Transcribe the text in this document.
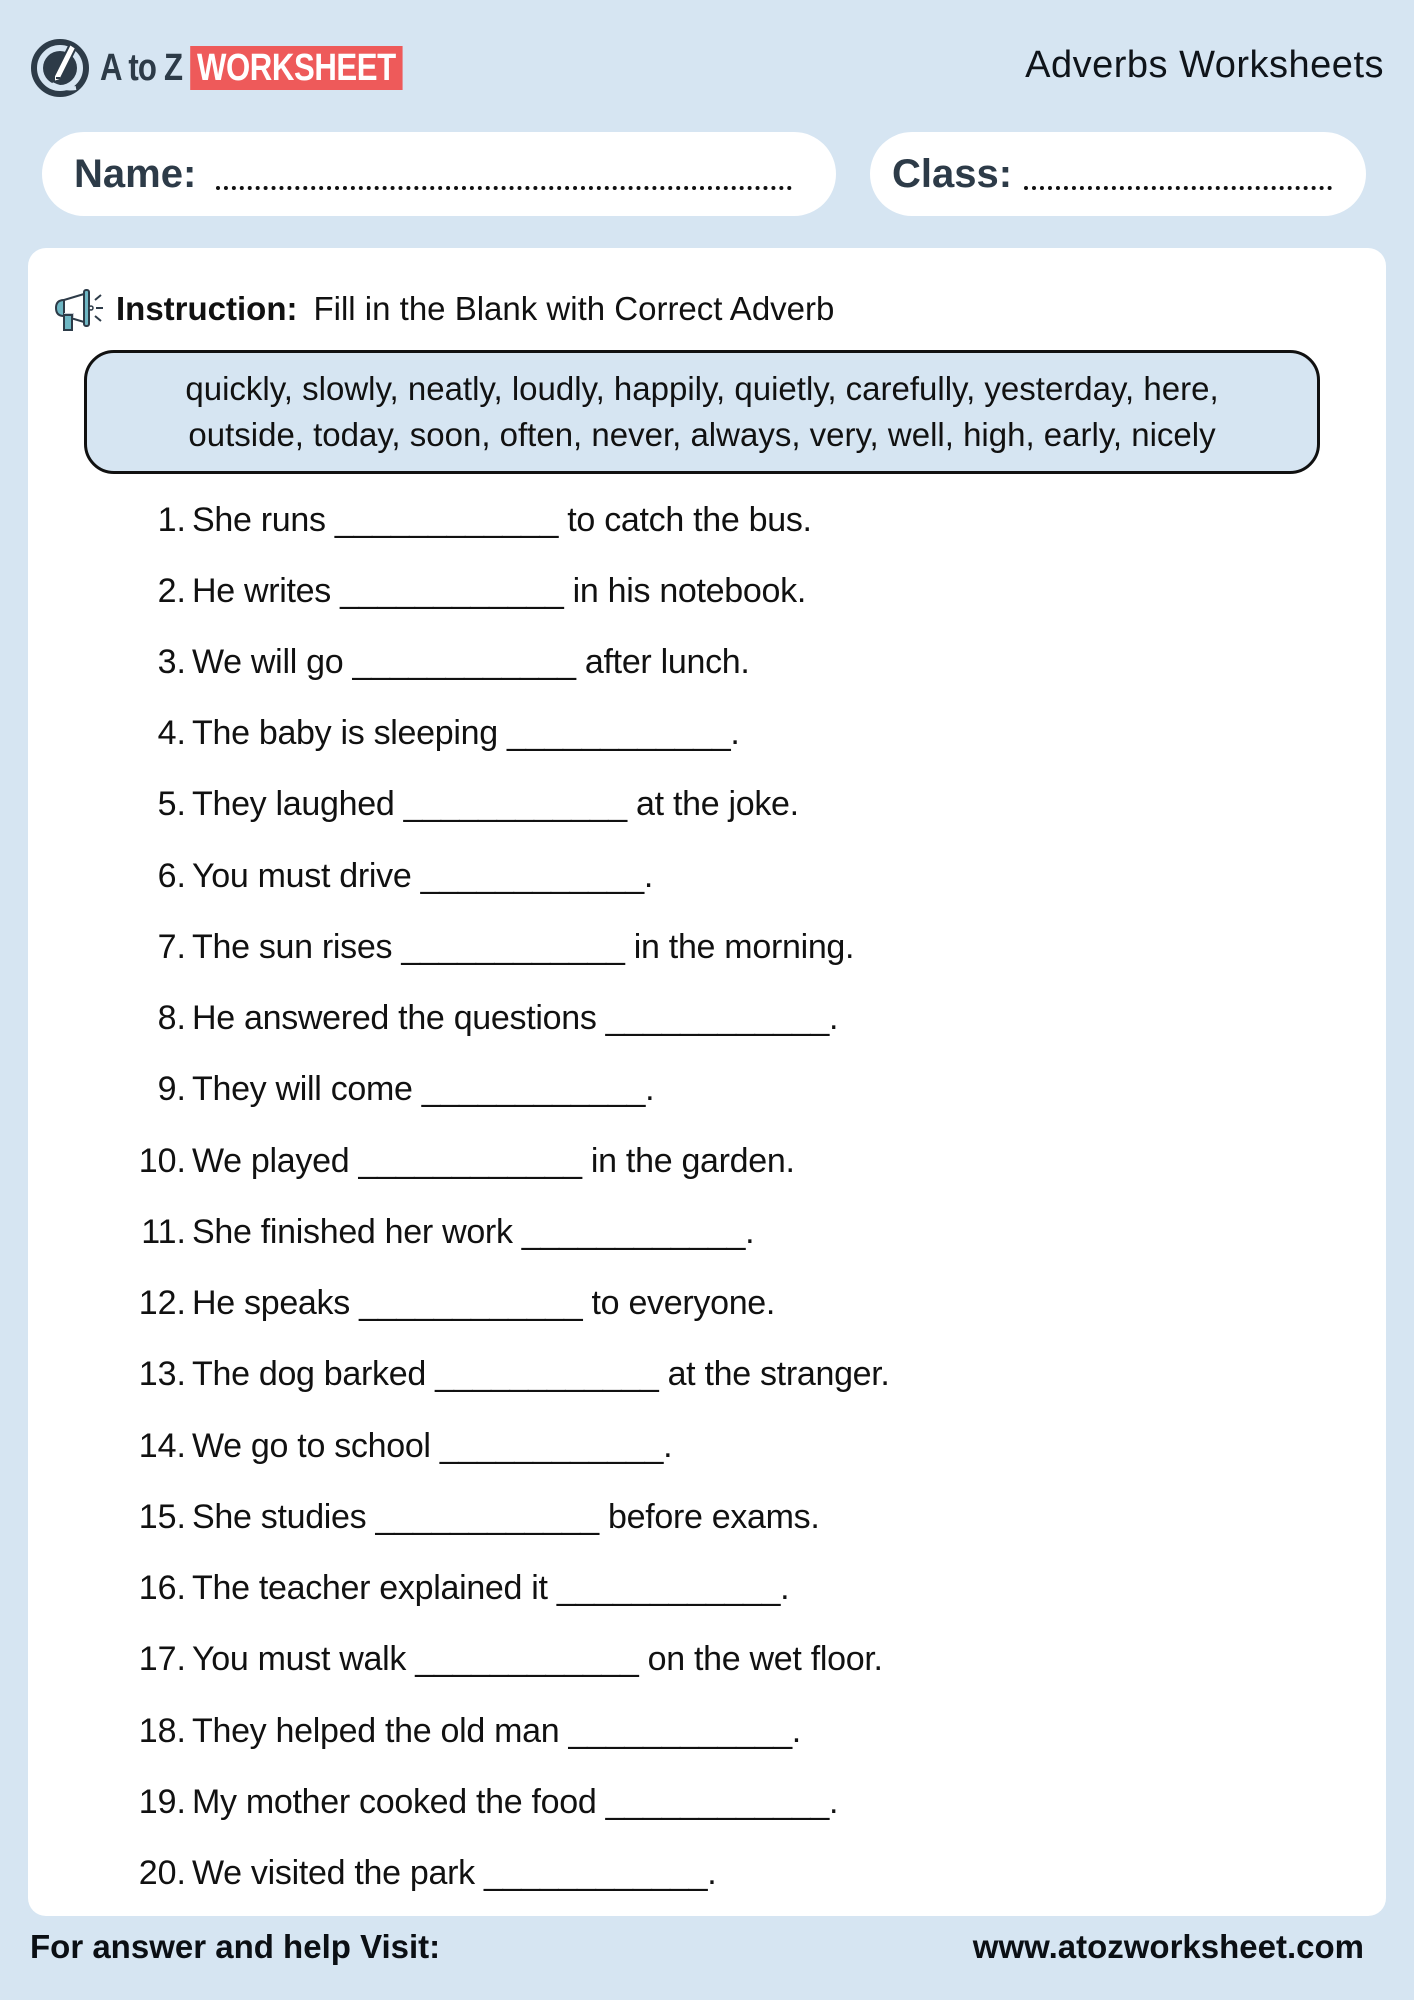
A to Z WORKSHEET	Adverbs Worksheets
Name:	Class:
Instruction: Fill in the Blank with Correct Adverb
quickly, slowly, neatly, loudly, happily, quietly, carefully, yesterday, here,
outside, today, soon, often, never, always, very, well, high, early, nicely
1. She runs ____________ to catch the bus.
2. He writes ____________ in his notebook.
3. We will go ____________ after lunch.
4. The baby is sleeping ____________.
5. They laughed ____________ at the joke.
6. You must drive ____________.
7. The sun rises ____________ in the morning.
8. He answered the questions ____________.
9. They will come ____________.
10. We played ____________ in the garden.
11. She finished her work ____________.
12. He speaks ____________ to everyone.
13. The dog barked ____________ at the stranger.
14. We go to school ____________.
15. She studies ____________ before exams.
16. The teacher explained it ____________.
17. You must walk ____________ on the wet floor.
18. They helped the old man ____________.
19. My mother cooked the food ____________.
20. We visited the park ____________.
For answer and help Visit:	www.atozworksheet.com
